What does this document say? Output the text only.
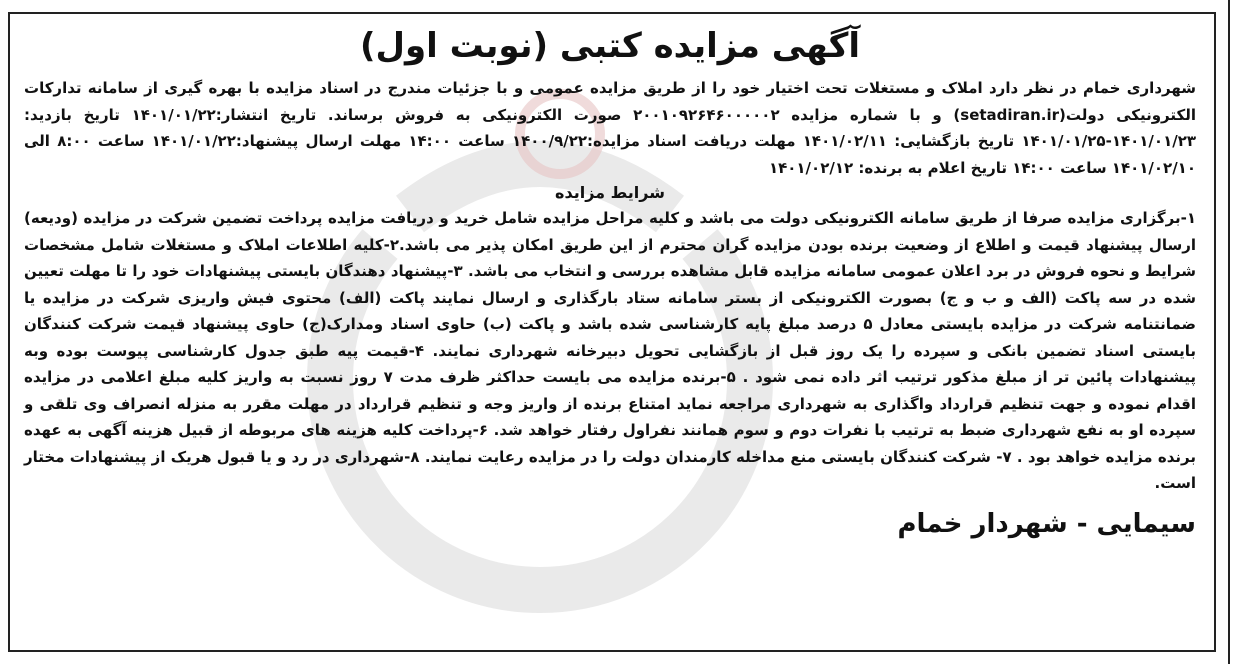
آگهی مزایده کتبی (نوبت اول)

شهرداری خمام در نظر دارد املاک و مستغلات تحت اختیار خود را از طریق مزایده عمومی و با جزئیات مندرج در اسناد مزایده با بهره گیری از سامانه تدارکات الکترونیکی دولت(setadiran.ir) و با شماره مزایده ۲۰۰۱۰۹۲۶۴۶۰۰۰۰۰۲ صورت الکترونیکی به فروش برساند. تاریخ انتشار:۱۴۰۱/۰۱/۲۲ تاریخ بازدید: ۱۴۰۱/۰۱/۲۳-۱۴۰۱/۰۱/۲۵ تاریخ بازگشایی: ۱۴۰۱/۰۲/۱۱ مهلت دریافت اسناد مزایده:۱۴۰۰/۹/۲۲ ساعت ۱۴:۰۰ مهلت ارسال پیشنهاد:۱۴۰۱/۰۱/۲۲ ساعت ۸:۰۰ الی ۱۴۰۱/۰۲/۱۰ ساعت ۱۴:۰۰ تاریخ اعلام به برنده: ۱۴۰۱/۰۲/۱۲

شرایط مزایده

۱-برگزاری مزایده صرفا از طریق سامانه الکترونیکی دولت می باشد و کلیه مراحل مزایده شامل خرید و دریافت مزایده پرداخت تضمین شرکت در مزایده (ودیعه) ارسال پیشنهاد قیمت و اطلاع از وضعیت برنده بودن مزایده گران محترم از این طریق امکان پذیر می باشد.۲-کلیه اطلاعات املاک و مستغلات شامل مشخصات شرایط و نحوه فروش در برد اعلان عمومی سامانه مزایده قابل مشاهده بررسی و انتخاب می باشد. ۳-پیشنهاد دهندگان بایستی پیشنهادات خود را تا مهلت تعیین شده در سه پاکت (الف و ب و ج) بصورت الکترونیکی از بستر سامانه ستاد بارگذاری و ارسال نمایند پاکت (الف) محتوی فیش واریزی شرکت در مزایده یا ضمانتنامه شرکت در مزایده بایستی معادل ۵ درصد مبلغ پایه کارشناسی شده باشد و پاکت (ب) حاوی اسناد ومدارک(ج) حاوی پیشنهاد قیمت شرکت کنندگان بایستی اسناد تضمین بانکی و سپرده را یک روز قبل از بازگشایی تحویل دبیرخانه شهرداری نمایند. ۴-قیمت پیه طبق جدول کارشناسی پیوست بوده وبه پیشنهادات پائین تر از مبلغ مذکور ترتیب اثر داده نمی شود . ۵-برنده مزایده می بایست حداکثر ظرف مدت ۷ روز نسبت به واریز کلیه مبلغ اعلامی در مزایده اقدام نموده و جهت تنظیم قرارداد واگذاری به شهرداری مراجعه نماید امتناع برنده از واریز وجه و تنظیم قرارداد در مهلت مقرر به منزله انصراف وی تلقی و سپرده او به نفع شهرداری ضبط به ترتیب با نفرات دوم و سوم همانند نفراول رفتار خواهد شد. ۶-پرداخت کلیه هزینه های مربوطه از قبیل هزینه آگهی به عهده برنده مزایده خواهد بود . ۷- شرکت کنندگان بایستی منع مداخله کارمندان دولت را در مزایده رعایت نمایند. ۸-شهرداری در رد و یا قبول هریک از پیشنهادات مختار است.

سیمایی - شهردار خمام
